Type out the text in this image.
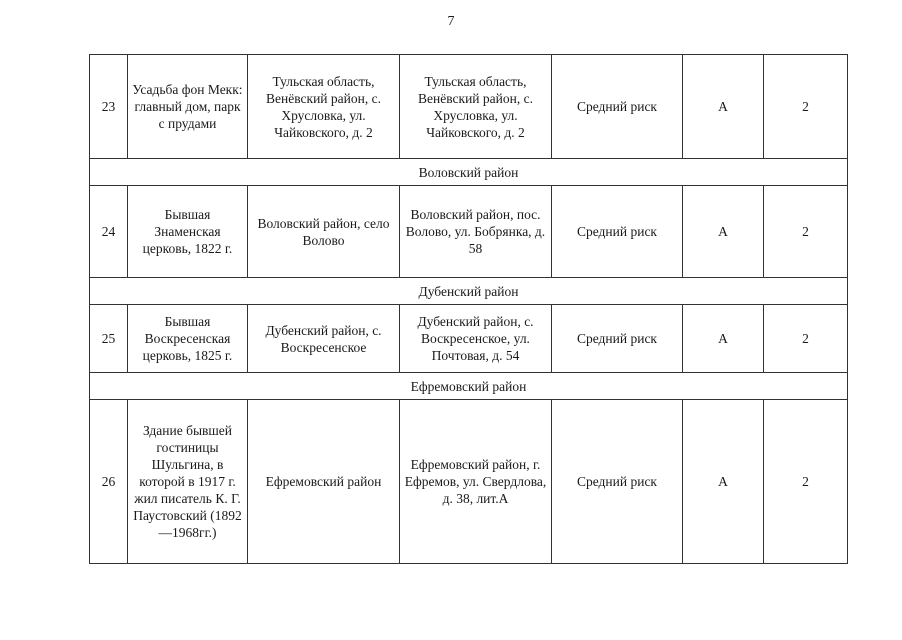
7
23	Усадьба фон Мекк: главный дом, парк с прудами	Тульская область, Венёвский район, с. Хрусловка, ул. Чайковского, д. 2	Тульская область, Венёвский район, с. Хрусловка, ул. Чайковского, д. 2	Средний риск	А	2
Воловский район						
24	Бывшая Знаменская церковь, 1822 г.	Воловский район, село Волово	Воловский район, пос. Волово, ул. Бобрянка, д. 58	Средний риск	А	2
Дубенский район						
25	Бывшая Воскресенская церковь, 1825 г.	Дубенский район, с. Воскресенское	Дубенский район, с. Воскресенское, ул. Почтовая, д. 54	Средний риск	А	2
Ефремовский район						
26	Здание бывшей гостиницы Шульгина, в которой в 1917 г. жил писатель К. Г. Паустовский (1892—1968гг.)	Ефремовский район	Ефремовский район, г. Ефремов, ул. Свердлова, д. 38, лит.А	Средний риск	А	2
